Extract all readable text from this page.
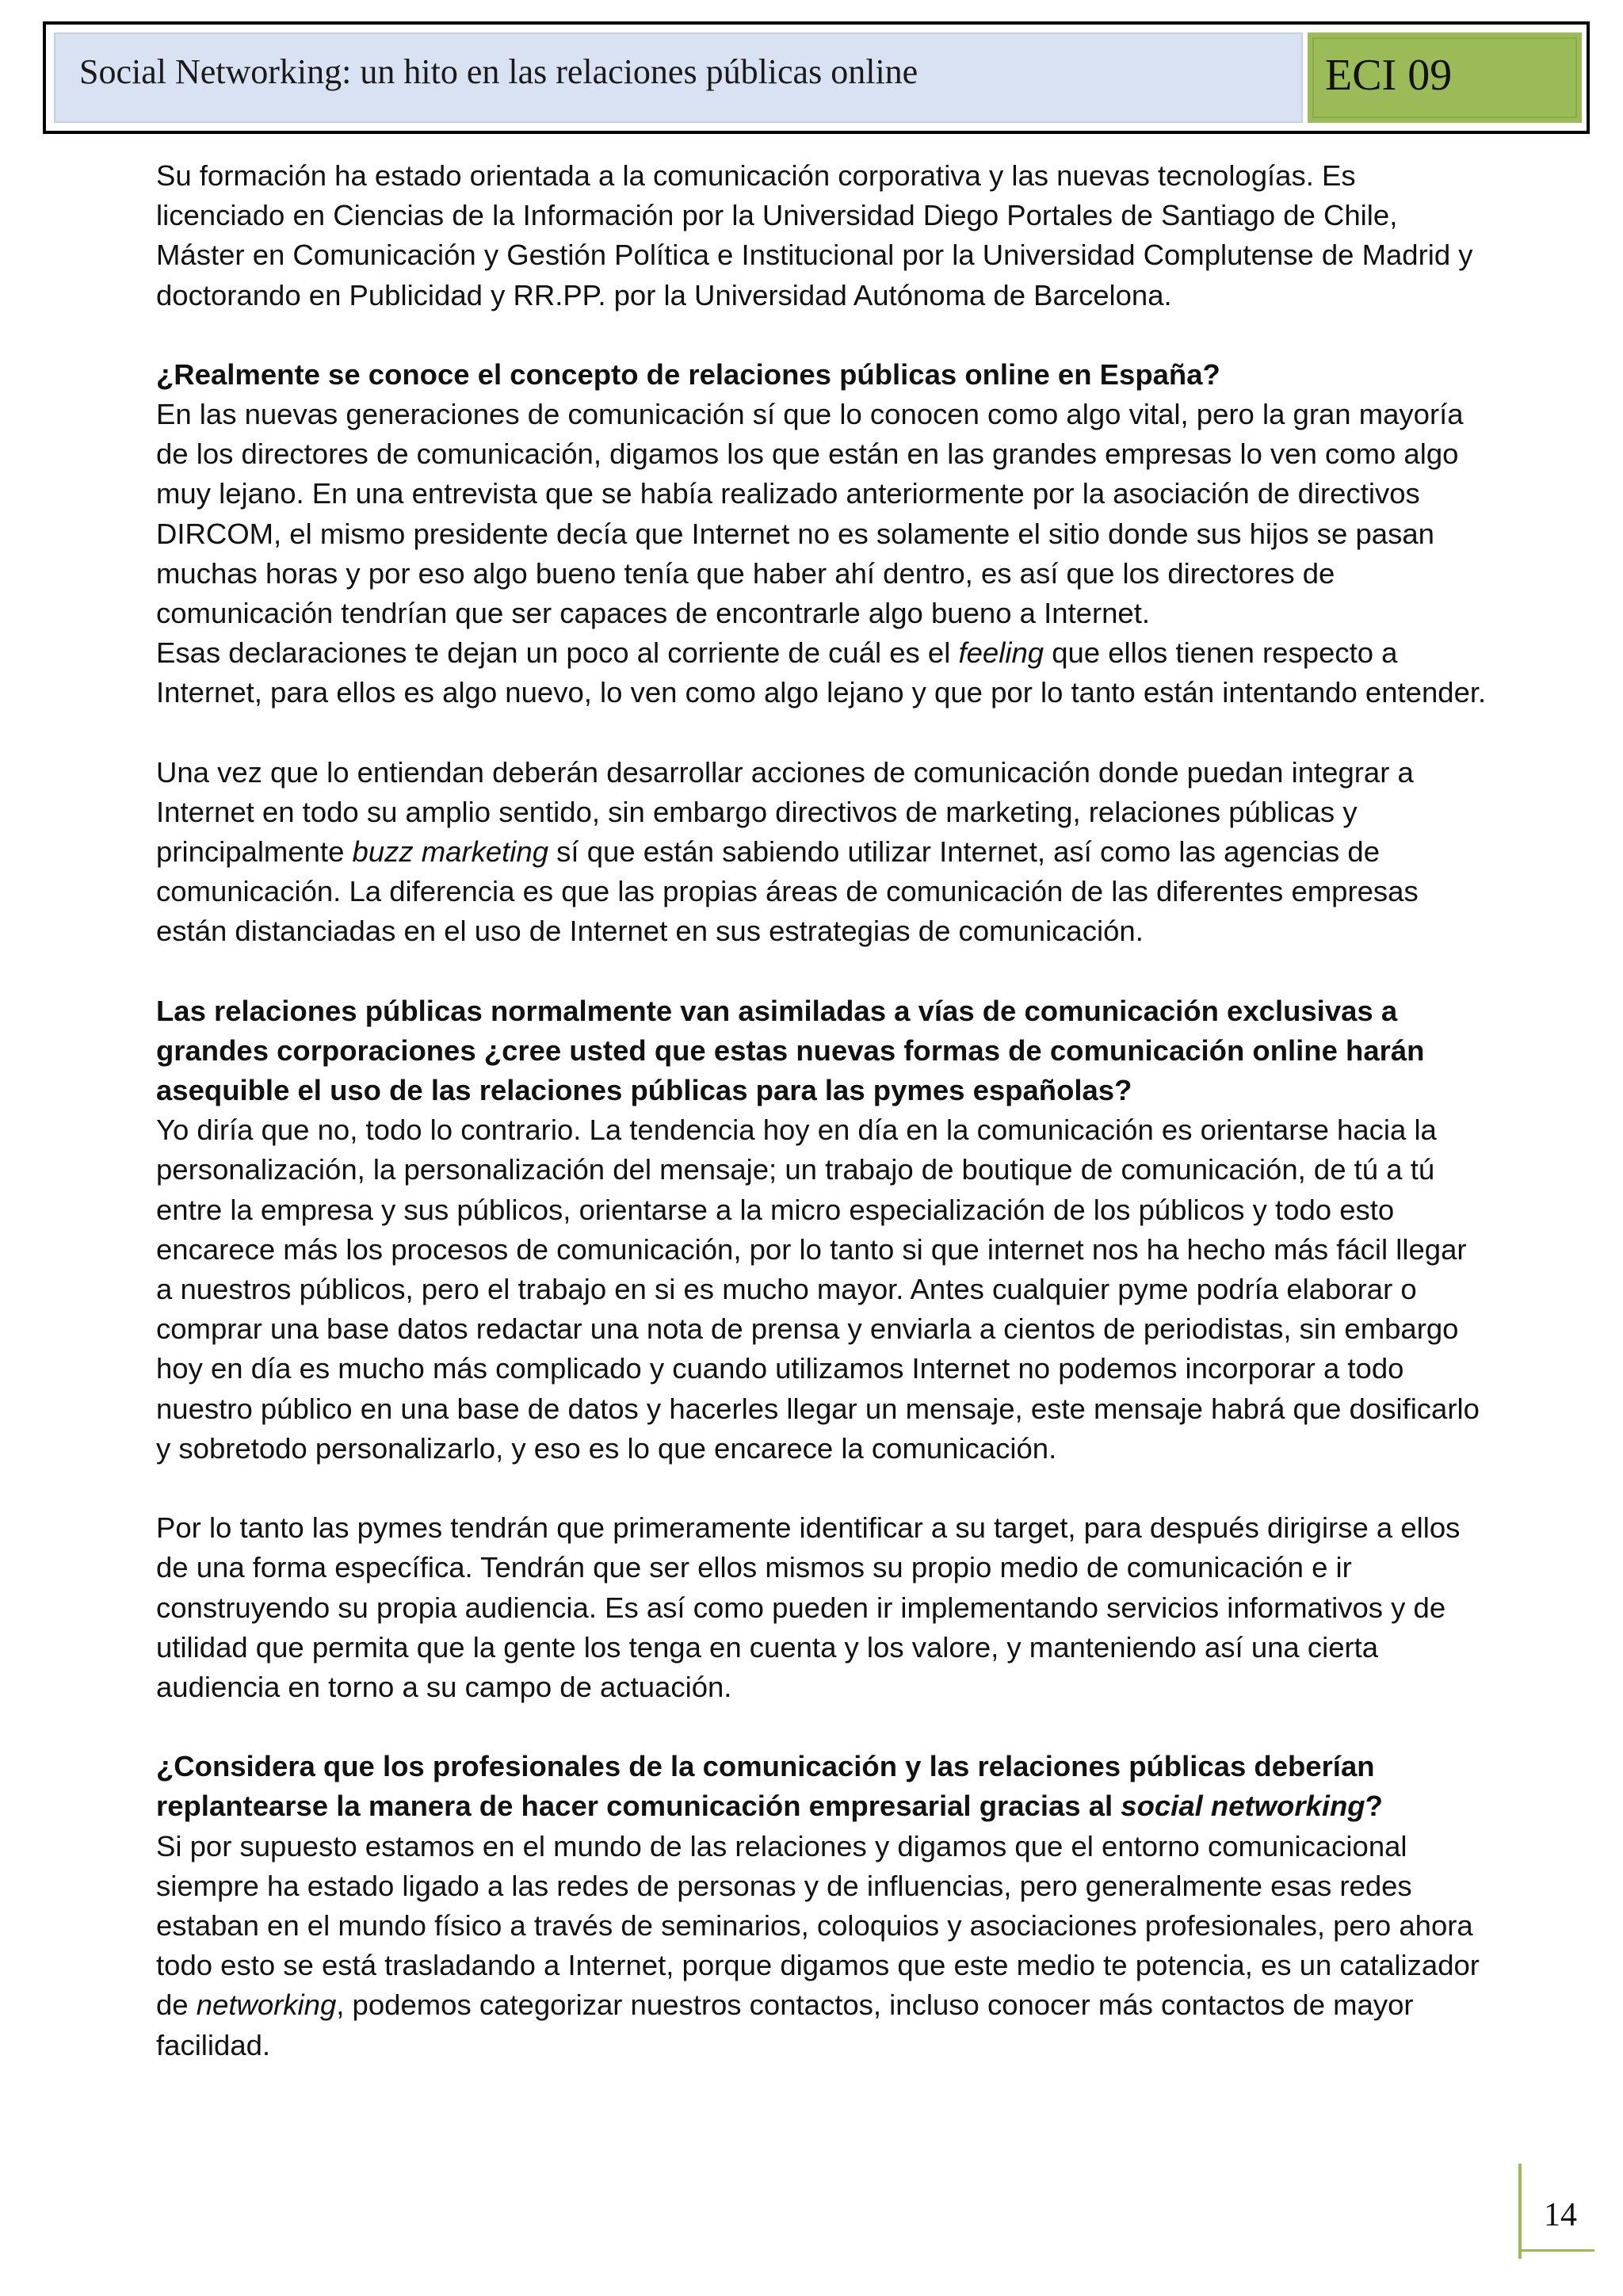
Social Networking: un hito en las relaciones públicas online	ECI 09

Su formación ha estado orientada a la comunicación corporativa y las nuevas tecnologías. Es licenciado en Ciencias de la Información por la Universidad Diego Portales de Santiago de Chile, Máster en Comunicación y Gestión Política e Institucional por la Universidad Complutense de Madrid y doctorando en Publicidad y RR.PP. por la Universidad Autónoma de Barcelona.

¿Realmente se conoce el concepto de relaciones públicas online en España?

En las nuevas generaciones de comunicación sí que lo conocen como algo vital, pero la gran mayoría de los directores de comunicación, digamos los que están en las grandes empresas lo ven como algo muy lejano. En una entrevista que se había realizado anteriormente por la asociación de directivos DIRCOM, el mismo presidente decía que Internet no es solamente el sitio donde sus hijos se pasan muchas horas y por eso algo bueno tenía que haber ahí dentro, es así que los directores de comunicación tendrían que ser capaces de encontrarle algo bueno a Internet.

Esas declaraciones te dejan un poco al corriente de cuál es el feeling que ellos tienen respecto a Internet, para ellos es algo nuevo, lo ven como algo lejano y que por lo tanto están intentando entender.

Una vez que lo entiendan deberán desarrollar acciones de comunicación donde puedan integrar a Internet en todo su amplio sentido, sin embargo directivos de marketing, relaciones públicas y principalmente buzz marketing sí que están sabiendo utilizar Internet, así como las agencias de comunicación. La diferencia es que las propias áreas de comunicación de las diferentes empresas están distanciadas en el uso de Internet en sus estrategias de comunicación.

Las relaciones públicas normalmente van asimiladas a vías de comunicación exclusivas a grandes corporaciones ¿cree usted que estas nuevas formas de comunicación online harán asequible el uso de las relaciones públicas para las pymes españolas?

Yo diría que no, todo lo contrario. La tendencia hoy en día en la comunicación es orientarse hacia la personalización, la personalización del mensaje; un trabajo de boutique de comunicación, de tú a tú entre la empresa y sus públicos, orientarse a la micro especialización de los públicos y todo esto encarece más los procesos de comunicación, por lo tanto si que internet nos ha hecho más fácil llegar a nuestros públicos, pero el trabajo en si es mucho mayor. Antes cualquier pyme podría elaborar o comprar una base datos redactar una nota de prensa y enviarla a cientos de periodistas, sin embargo hoy en día es mucho más complicado y cuando utilizamos Internet no podemos incorporar a todo nuestro público en una base de datos y hacerles llegar un mensaje, este mensaje habrá que dosificarlo y sobretodo personalizarlo, y eso es lo que encarece la comunicación.

Por lo tanto las pymes tendrán que primeramente identificar a su target, para después dirigirse a ellos de una forma específica. Tendrán que ser ellos mismos su propio medio de comunicación e ir construyendo su propia audiencia. Es así como pueden ir implementando servicios informativos y de utilidad que permita que la gente los tenga en cuenta y los valore, y manteniendo así una cierta audiencia en torno a su campo de actuación.

¿Considera que los profesionales de la comunicación y las relaciones públicas deberían replantearse la manera de hacer comunicación empresarial gracias al social networking?

Si por supuesto estamos en el mundo de las relaciones y digamos que el entorno comunicacional siempre ha estado ligado a las redes de personas y de influencias, pero generalmente esas redes estaban en el mundo físico a través de seminarios, coloquios y asociaciones profesionales, pero ahora todo esto se está trasladando a Internet, porque digamos que este medio te potencia, es un catalizador de networking, podemos categorizar nuestros contactos, incluso conocer más contactos de mayor facilidad.

14
